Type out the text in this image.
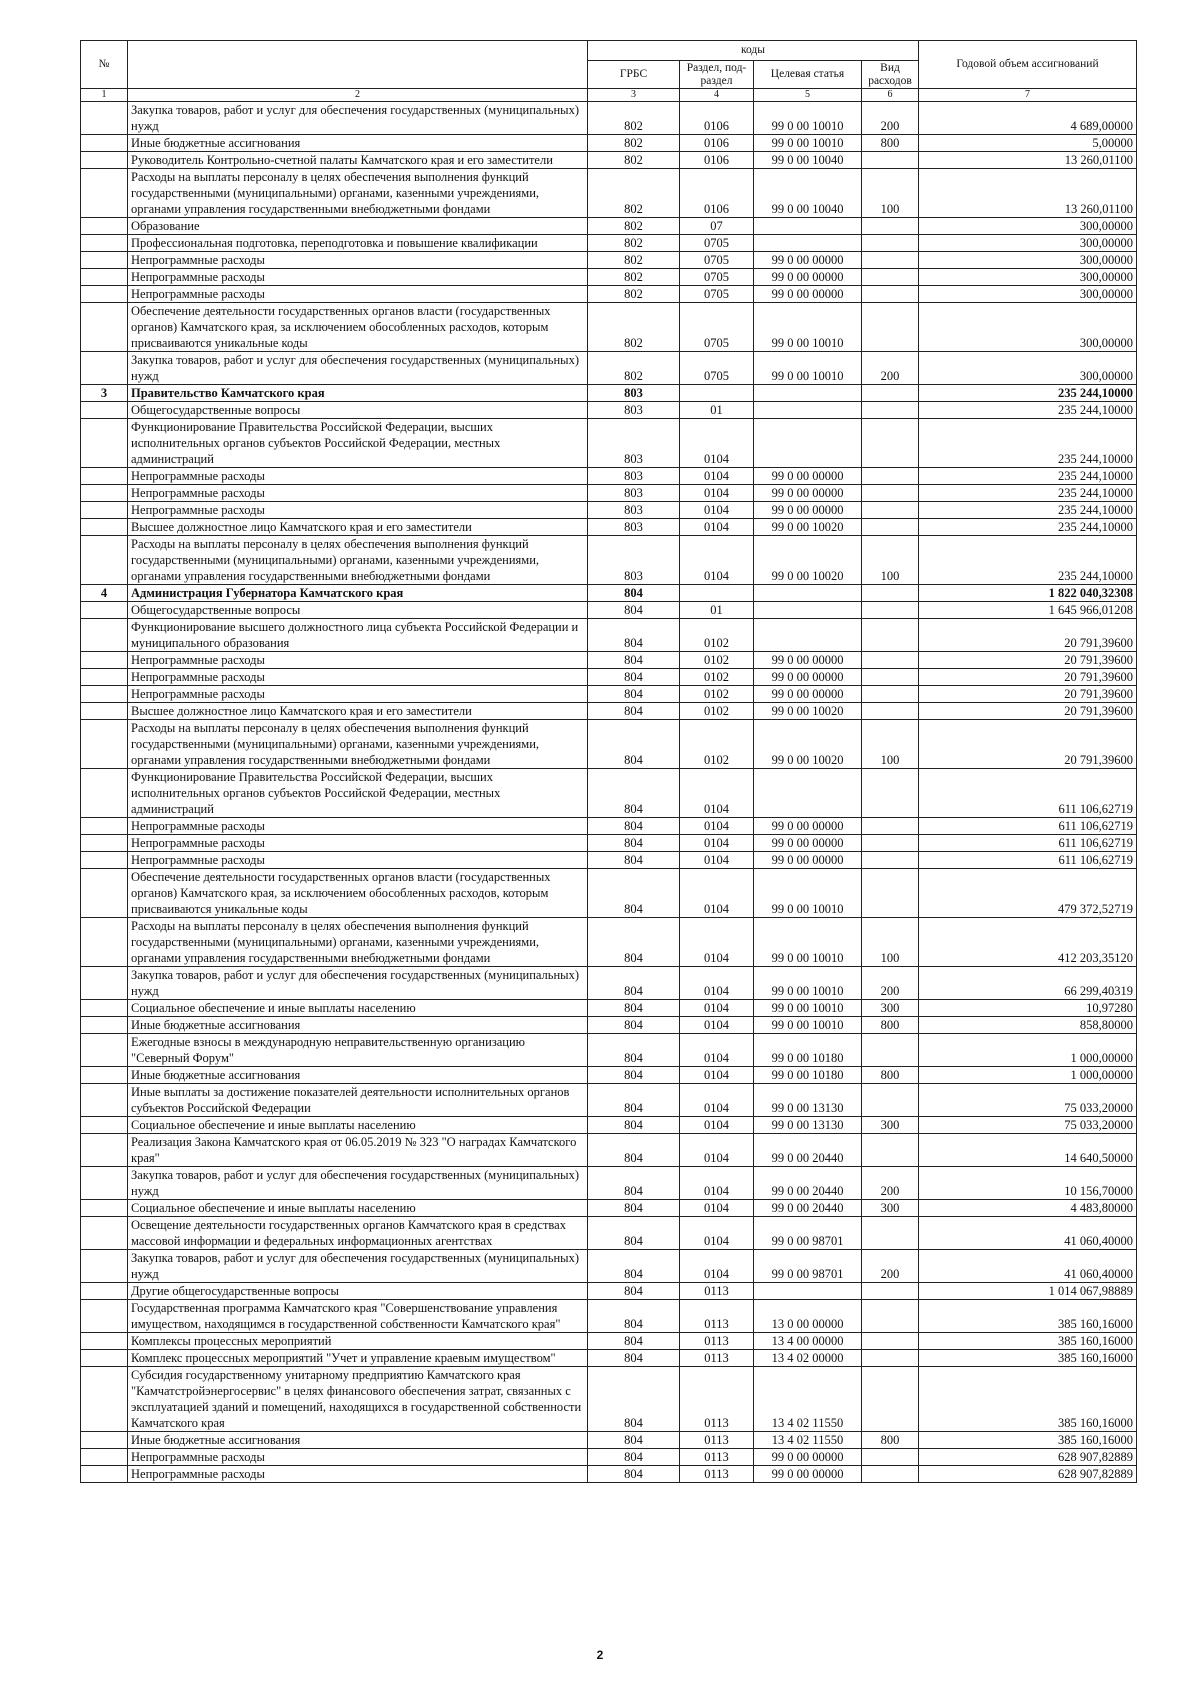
№		коды				Годовой объем ассигнований
		ГРБС	Раздел, под-раздел	Целевая статья	Вид расходов	
1	2	3	4	5	6	7
	Закупка товаров, работ и услуг для обеспечения государственных (муниципальных) нужд	802	0106	99 0 00 10010	200	4 689,00000
	Иные бюджетные ассигнования	802	0106	99 0 00 10010	800	5,00000
	Руководитель Контрольно-счетной палаты Камчатского края и его заместители	802	0106	99 0 00 10040		13 260,01100
	Расходы на выплаты персоналу в целях обеспечения выполнения функций государственными (муниципальными) органами, казенными учреждениями, органами управления государственными внебюджетными фондами	802	0106	99 0 00 10040	100	13 260,01100
	Образование	802	07			300,00000
	Профессиональная подготовка, переподготовка и повышение квалификации	802	0705			300,00000
	Непрограммные расходы	802	0705	99 0 00 00000		300,00000
	Непрограммные расходы	802	0705	99 0 00 00000		300,00000
	Непрограммные расходы	802	0705	99 0 00 00000		300,00000
	Обеспечение деятельности государственных органов власти (государственных органов) Камчатского края, за исключением обособленных расходов, которым присваиваются уникальные коды	802	0705	99 0 00 10010		300,00000
	Закупка товаров, работ и услуг для обеспечения государственных (муниципальных) нужд	802	0705	99 0 00 10010	200	300,00000
3	Правительство Камчатского края	803				235 244,10000
	Общегосударственные вопросы	803	01			235 244,10000
	Функционирование Правительства Российской Федерации, высших исполнительных органов субъектов Российской Федерации, местных администраций	803	0104			235 244,10000
	Непрограммные расходы	803	0104	99 0 00 00000		235 244,10000
	Непрограммные расходы	803	0104	99 0 00 00000		235 244,10000
	Непрограммные расходы	803	0104	99 0 00 00000		235 244,10000
	Высшее должностное лицо Камчатского края и его заместители	803	0104	99 0 00 10020		235 244,10000
	Расходы на выплаты персоналу в целях обеспечения выполнения функций государственными (муниципальными) органами, казенными учреждениями, органами управления государственными внебюджетными фондами	803	0104	99 0 00 10020	100	235 244,10000
4	Администрация Губернатора Камчатского края	804				1 822 040,32308
	Общегосударственные вопросы	804	01			1 645 966,01208
	Функционирование высшего должностного лица субъекта Российской Федерации и муниципального образования	804	0102			20 791,39600
	Непрограммные расходы	804	0102	99 0 00 00000		20 791,39600
	Непрограммные расходы	804	0102	99 0 00 00000		20 791,39600
	Непрограммные расходы	804	0102	99 0 00 00000		20 791,39600
	Высшее должностное лицо Камчатского края и его заместители	804	0102	99 0 00 10020		20 791,39600
	Расходы на выплаты персоналу в целях обеспечения выполнения функций государственными (муниципальными) органами, казенными учреждениями, органами управления государственными внебюджетными фондами	804	0102	99 0 00 10020	100	20 791,39600
	Функционирование Правительства Российской Федерации, высших исполнительных органов субъектов Российской Федерации, местных администраций	804	0104			611 106,62719
	Непрограммные расходы	804	0104	99 0 00 00000		611 106,62719
	Непрограммные расходы	804	0104	99 0 00 00000		611 106,62719
	Непрограммные расходы	804	0104	99 0 00 00000		611 106,62719
	Обеспечение деятельности государственных органов власти (государственных органов) Камчатского края, за исключением обособленных расходов, которым присваиваются уникальные коды	804	0104	99 0 00 10010		479 372,52719
	Расходы на выплаты персоналу в целях обеспечения выполнения функций государственными (муниципальными) органами, казенными учреждениями, органами управления государственными внебюджетными фондами	804	0104	99 0 00 10010	100	412 203,35120
	Закупка товаров, работ и услуг для обеспечения государственных (муниципальных) нужд	804	0104	99 0 00 10010	200	66 299,40319
	Социальное обеспечение и иные выплаты населению	804	0104	99 0 00 10010	300	10,97280
	Иные бюджетные ассигнования	804	0104	99 0 00 10010	800	858,80000
	Ежегодные взносы в международную неправительственную организацию "Северный Форум"	804	0104	99 0 00 10180		1 000,00000
	Иные бюджетные ассигнования	804	0104	99 0 00 10180	800	1 000,00000
	Иные выплаты за достижение показателей деятельности исполнительных органов субъектов Российской Федерации	804	0104	99 0 00 13130		75 033,20000
	Социальное обеспечение и иные выплаты населению	804	0104	99 0 00 13130	300	75 033,20000
	Реализация Закона Камчатского края от 06.05.2019 № 323 "О наградах Камчатского края"	804	0104	99 0 00 20440		14 640,50000
	Закупка товаров, работ и услуг для обеспечения государственных (муниципальных) нужд	804	0104	99 0 00 20440	200	10 156,70000
	Социальное обеспечение и иные выплаты населению	804	0104	99 0 00 20440	300	4 483,80000
	Освещение деятельности государственных органов Камчатского края в средствах массовой информации и федеральных информационных агентствах	804	0104	99 0 00 98701		41 060,40000
	Закупка товаров, работ и услуг для обеспечения государственных (муниципальных) нужд	804	0104	99 0 00 98701	200	41 060,40000
	Другие общегосударственные вопросы	804	0113			1 014 067,98889
	Государственная программа Камчатского края "Совершенствование управления имуществом, находящимся в государственной собственности Камчатского края"	804	0113	13 0 00 00000		385 160,16000
	Комплексы процессных мероприятий	804	0113	13 4 00 00000		385 160,16000
	Комплекс процессных мероприятий "Учет и управление краевым имуществом"	804	0113	13 4 02 00000		385 160,16000
	Субсидия государственному унитарному предприятию Камчатского края "Камчатстройэнергосервис" в целях финансового обеспечения затрат, связанных с эксплуатацией зданий и помещений, находящихся в государственной собственности Камчатского края	804	0113	13 4 02 11550		385 160,16000
	Иные бюджетные ассигнования	804	0113	13 4 02 11550	800	385 160,16000
	Непрограммные расходы	804	0113	99 0 00 00000		628 907,82889
	Непрограммные расходы	804	0113	99 0 00 00000		628 907,82889
2
